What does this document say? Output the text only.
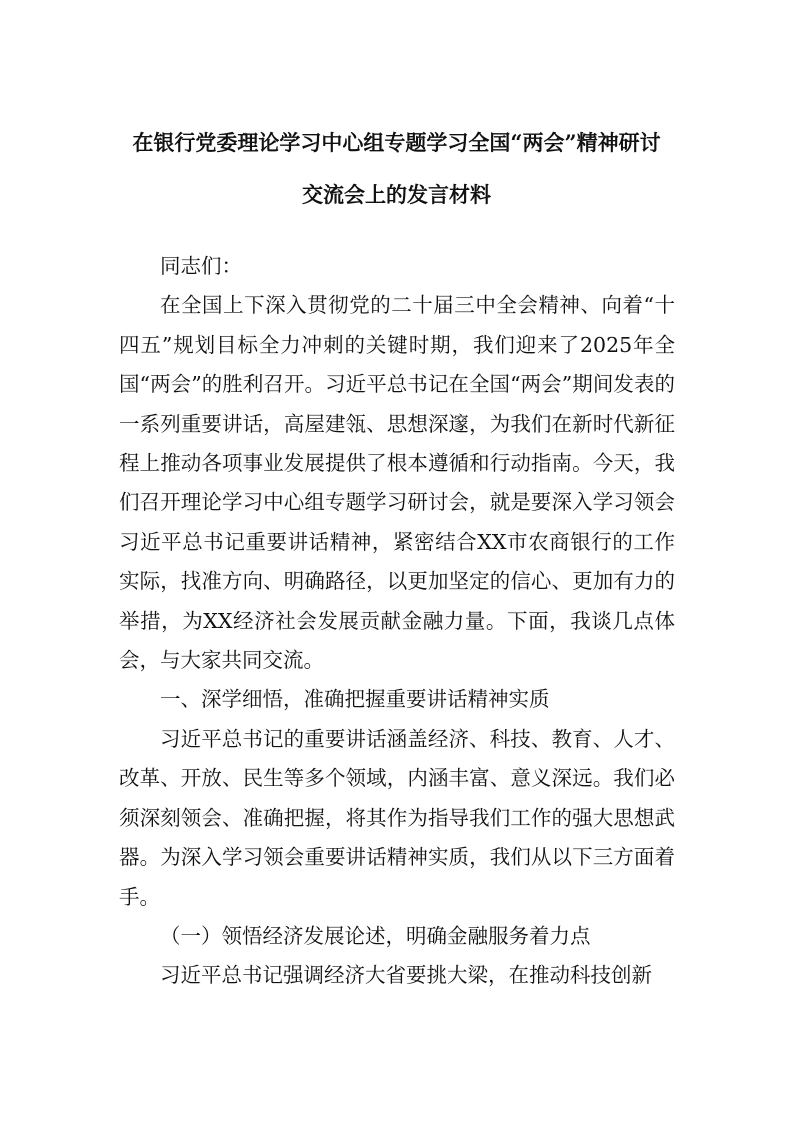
在银行党委理论学习中心组专题学习全国“两会”精神研讨
交流会上的发言材料

同志们：

在全国上下深入贯彻党的二十届三中全会精神、向着“十四五”规划目标全力冲刺的关键时期，我们迎来了2025年全国“两会”的胜利召开。习近平总书记在全国“两会”期间发表的一系列重要讲话，高屋建瓴、思想深邃，为我们在新时代新征程上推动各项事业发展提供了根本遵循和行动指南。今天，我们召开理论学习中心组专题学习研讨会，就是要深入学习领会习近平总书记重要讲话精神，紧密结合XX市农商银行的工作实际，找准方向、明确路径，以更加坚定的信心、更加有力的举措，为XX经济社会发展贡献金融力量。下面，我谈几点体会，与大家共同交流。

一、深学细悟，准确把握重要讲话精神实质

习近平总书记的重要讲话涵盖经济、科技、教育、人才、改革、开放、民生等多个领域，内涵丰富、意义深远。我们必须深刻领会、准确把握，将其作为指导我们工作的强大思想武器。为深入学习领会重要讲话精神实质，我们从以下三方面着手。

（一）领悟经济发展论述，明确金融服务着力点

习近平总书记强调经济大省要挑大梁，在推动科技创新
